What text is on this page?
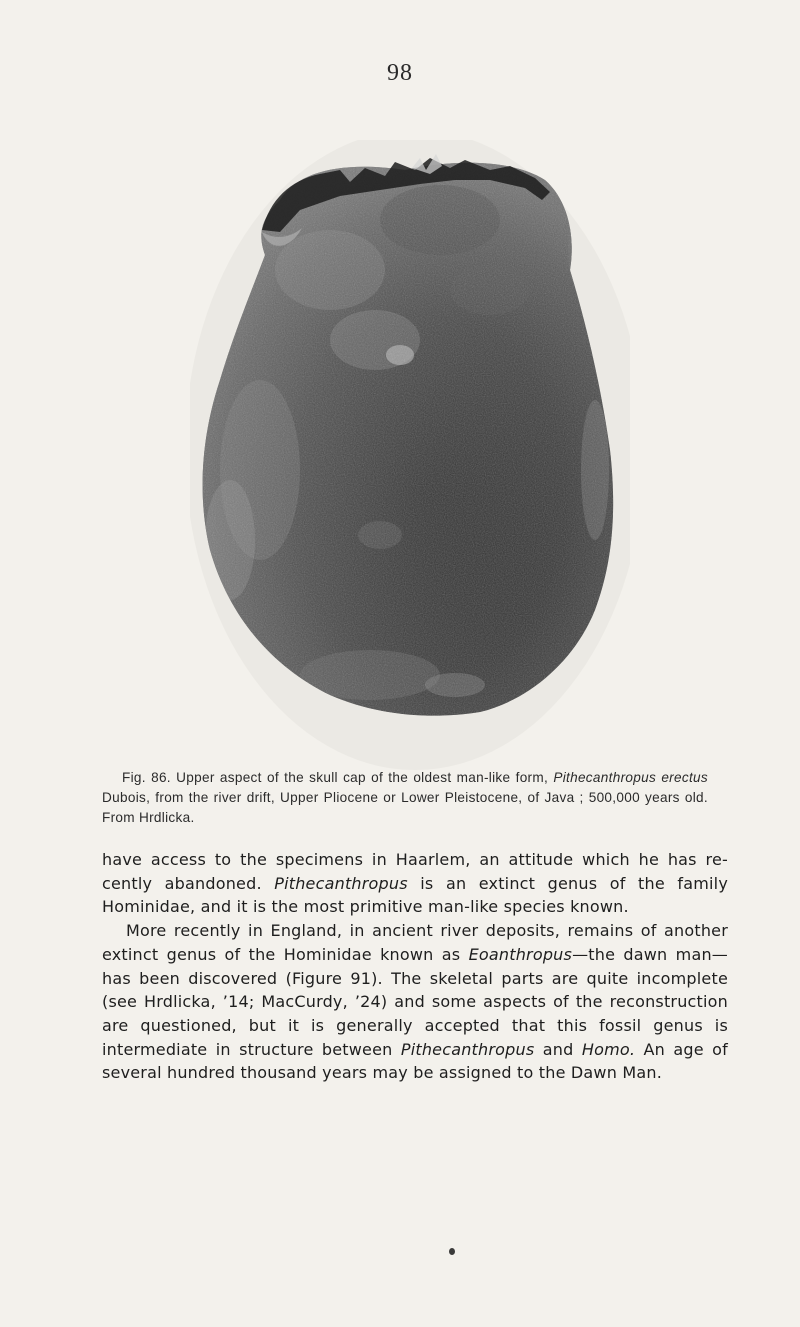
98
Fig. 86. Upper aspect of the skull cap of the oldest man-like form, Pithecanthropus erectus Dubois, from the river drift, Upper Pliocene or Lower Pleistocene, of Java ; 500,000 years old. From Hrdlicka.

have access to the specimens in Haarlem, an attitude which he has re- cently abandoned. Pithecanthropus is an extinct genus of the family Hominidae, and it is the most primitive man-like species known.

More recently in England, in ancient river deposits, remains of another extinct genus of the Hominidae known as Eoanthropus—the dawn man—has been discovered (Figure 91). The skeletal parts are quite incomplete (see Hrdlicka, ’14; MacCurdy, ’24) and some aspects of the reconstruction are questioned, but it is generally accepted that this fossil genus is intermediate in structure between Pithecanthropus and Homo. An age of several hundred thousand years may be assigned to the Dawn Man.
